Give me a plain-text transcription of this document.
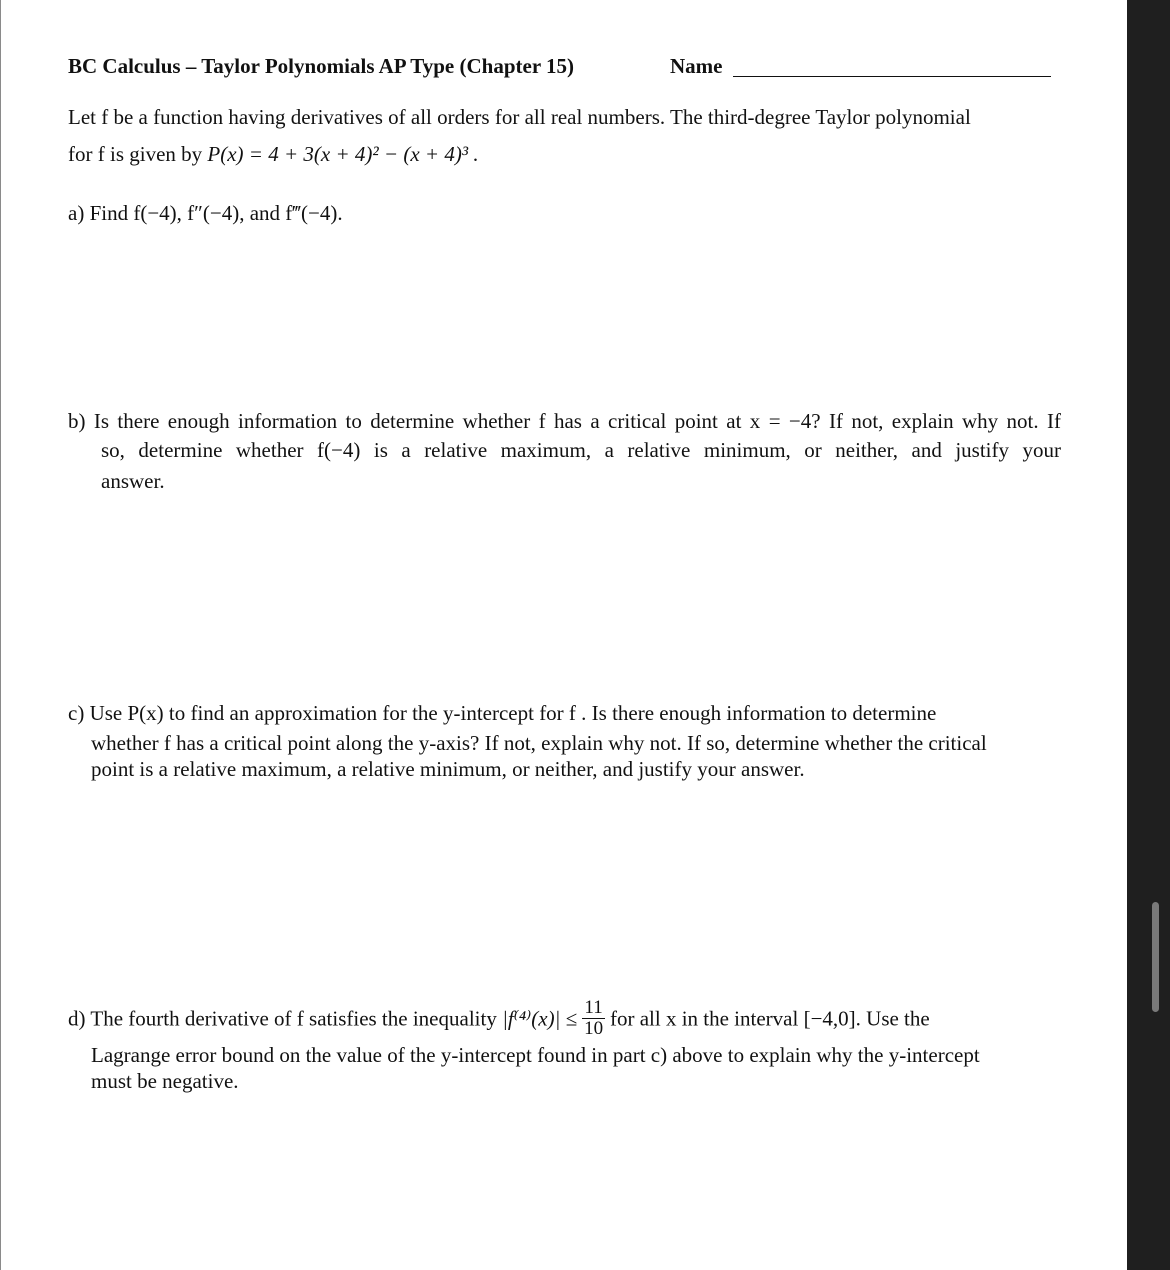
BC Calculus – Taylor Polynomials AP Type (Chapter 15)	Name
Let f be a function having derivatives of all orders for all real numbers. The third-degree Taylor polynomial
for f is given by P(x) = 4 + 3(x + 4)² − (x + 4)³ .
a) Find f(−4), f″(−4), and f‴(−4).
b) Is there enough information to determine whether f has a critical point at x = −4? If not, explain why not. If
so, determine whether f(−4) is a relative maximum, a relative minimum, or neither, and justify your
answer.
c) Use P(x) to find an approximation for the y-intercept for f . Is there enough information to determine
whether f has a critical point along the y-axis? If not, explain why not. If so, determine whether the critical
point is a relative maximum, a relative minimum, or neither, and justify your answer.
d) The fourth derivative of f satisfies the inequality $|f^{(4)}(x)| \le \frac{11}{10}$ for all x in the interval [−4,0]. Use the
Lagrange error bound on the value of the y-intercept found in part c) above to explain why the y-intercept
must be negative.
